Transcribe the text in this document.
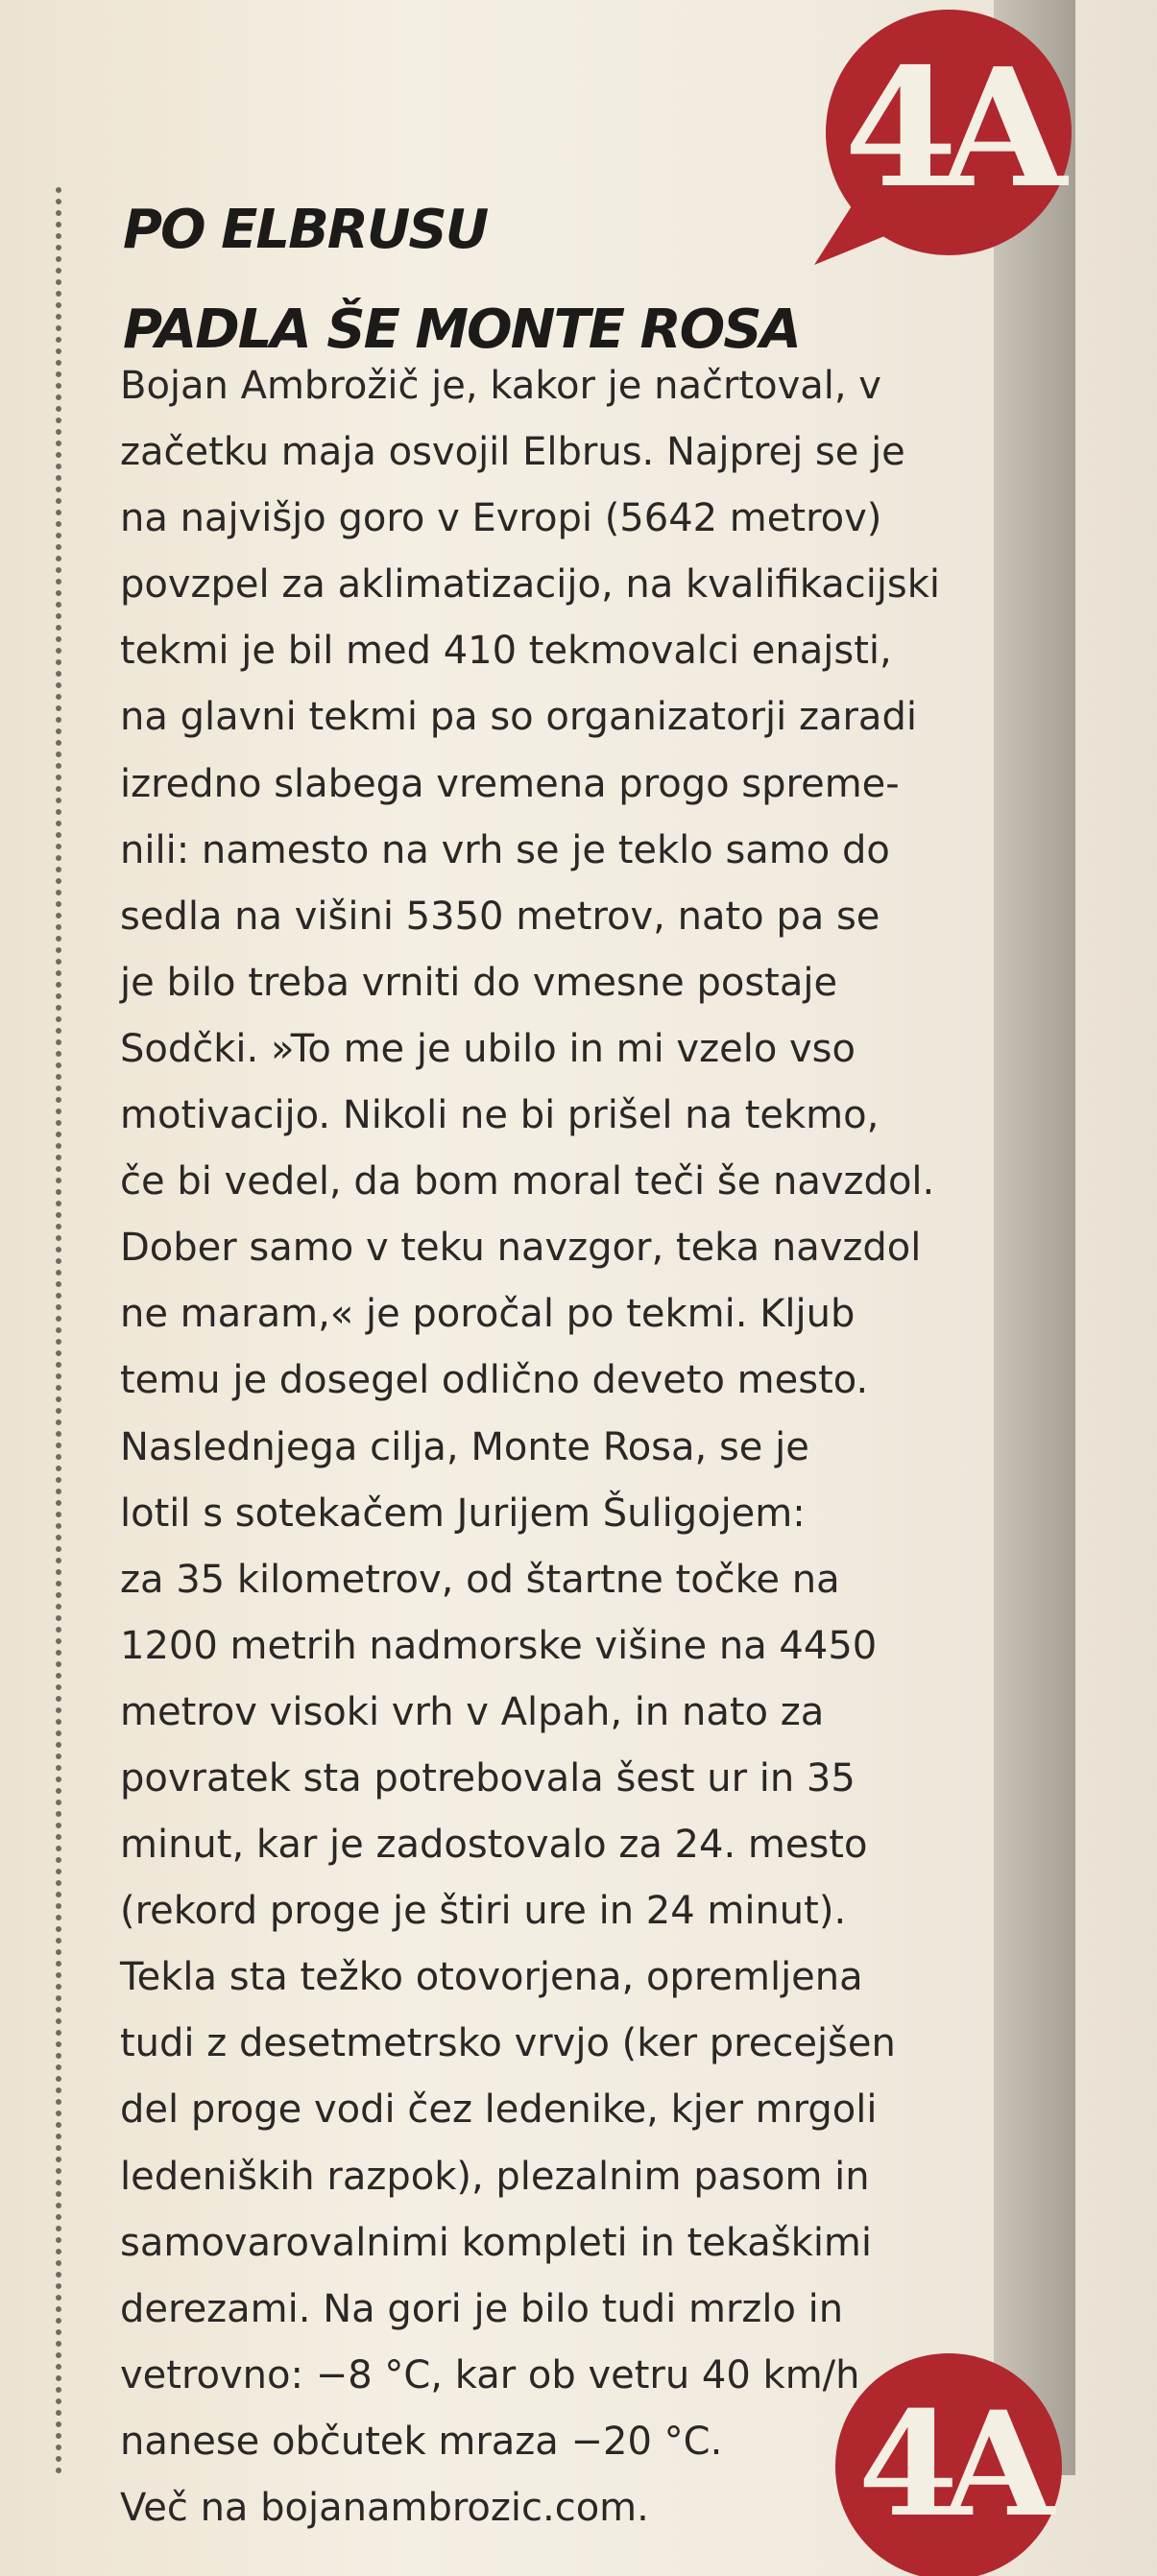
4A
PO ELBRUSU
PADLA ŠE MONTE ROSA
Bojan Ambrožič je, kakor je načrtoval, v
začetku maja osvojil Elbrus. Najprej se je
na najvišjo goro v Evropi (5642 metrov)
povzpel za aklimatizacijo, na kvalifikacijski
tekmi je bil med 410 tekmovalci enajsti,
na glavni tekmi pa so organizatorji zaradi
izredno slabega vremena progo spreme-
nili: namesto na vrh se je teklo samo do
sedla na višini 5350 metrov, nato pa se
je bilo treba vrniti do vmesne postaje
Sodčki. »To me je ubilo in mi vzelo vso
motivacijo. Nikoli ne bi prišel na tekmo,
če bi vedel, da bom moral teči še navzdol.
Dober samo v teku navzgor, teka navzdol
ne maram,« je poročal po tekmi. Kljub
temu je dosegel odlično deveto mesto.
Naslednjega cilja, Monte Rosa, se je
lotil s sotekačem Jurijem Šuligojem:
za 35 kilometrov, od štartne točke na
1200 metrih nadmorske višine na 4450
metrov visoki vrh v Alpah, in nato za
povratek sta potrebovala šest ur in 35
minut, kar je zadostovalo za 24. mesto
(rekord proge je štiri ure in 24 minut).
Tekla sta težko otovorjena, opremljena
tudi z desetmetrsko vrvjo (ker precejšen
del proge vodi čez ledenike, kjer mrgoli
ledeniških razpok), plezalnim pasom in
samovarovalnimi kompleti in tekaškimi
derezami. Na gori je bilo tudi mrzlo in
vetrovno: −8 °C, kar ob vetru 40 km/h
nanese občutek mraza −20 °C.
Več na bojanambrozic.com.	4A
